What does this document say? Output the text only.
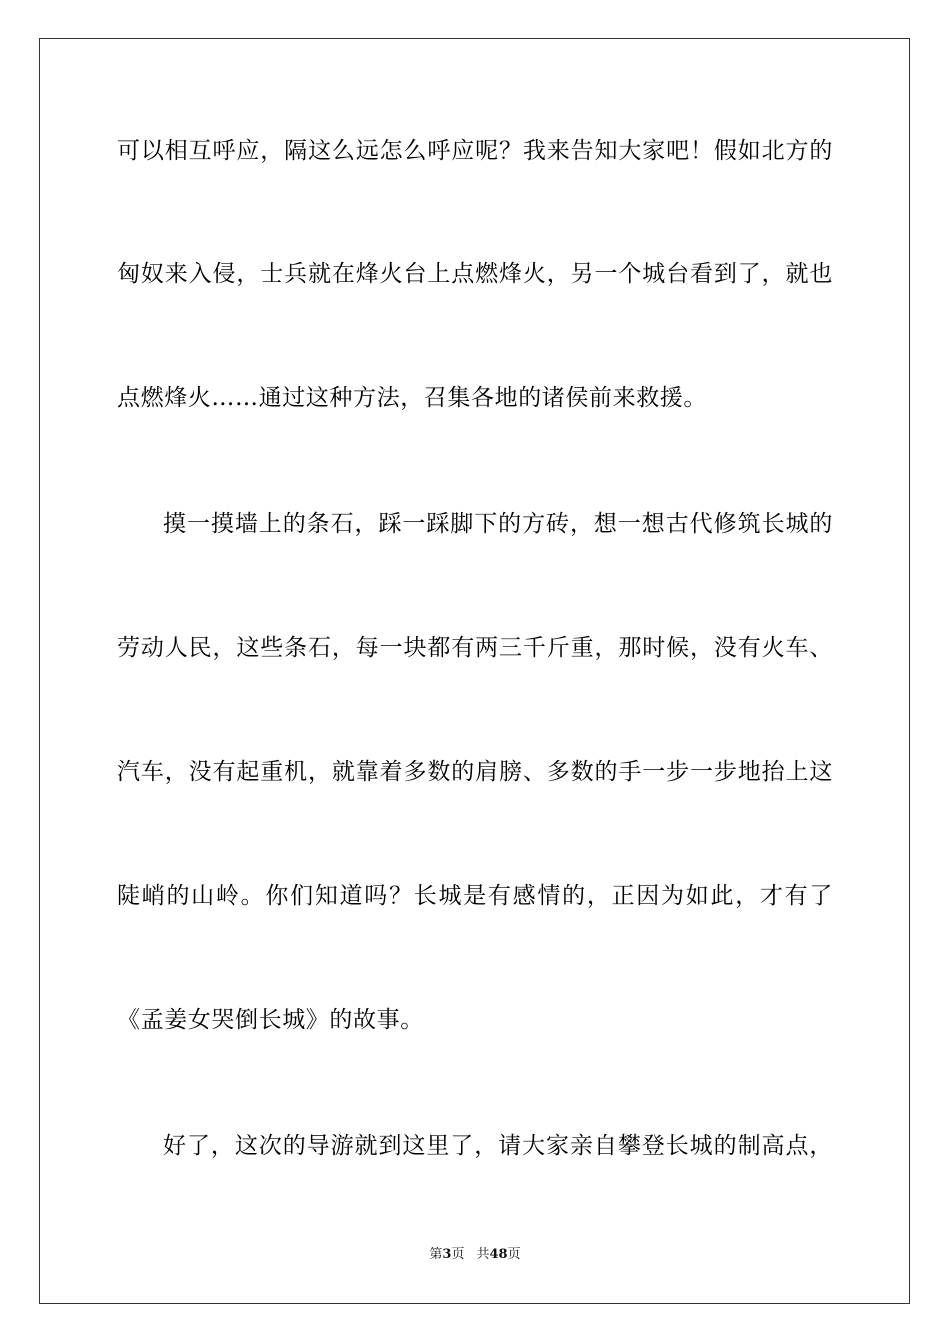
可以相互呼应，隔这么远怎么呼应呢？我来告知大家吧！假如北方的
匈奴来入侵，士兵就在烽火台上点燃烽火，另一个城台看到了，就也
点燃烽火……通过这种方法，召集各地的诸侯前来救援。
摸一摸墙上的条石，踩一踩脚下的方砖，想一想古代修筑长城的
劳动人民，这些条石，每一块都有两三千斤重，那时候，没有火车、
汽车，没有起重机，就靠着多数的肩膀、多数的手一步一步地抬上这
陡峭的山岭。你们知道吗？长城是有感情的，正因为如此，才有了
《孟姜女哭倒长城》的故事。
好了，这次的导游就到这里了，请大家亲自攀登长城的制高点，
第3页 共48页
